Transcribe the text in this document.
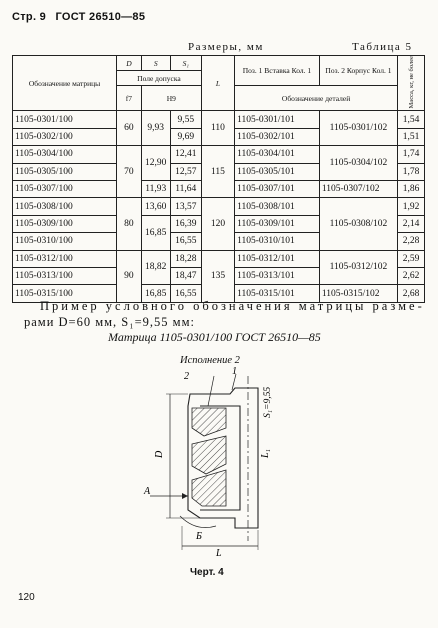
Стр. 9 ГОСТ 26510—85
Размеры, мм	Таблица 5
Обозначение матрицы	D	S	S₁	L	Поз. 1 Вставка Кол. 1	Поз. 2 Корпус Кол. 1	Масса, кг, не более
	Поле допуска						
	f7	H9			Обозначение деталей		
1105-0301/100	60	9,93	9,55	110	1105-0301/101	1105-0301/102	1,54
1105-0302/100			9,69		1105-0302/101		1,51
1105-0304/100	70	12,90	12,41	115	1105-0304/101	1105-0304/102	1,74
1105-0305/100			12,57		1105-0305/101		1,78
1105-0307/100		11,93	11,64		1105-0307/101	1105-0307/102	1,86
1105-0308/100	80	13,60	13,57	120	1105-0308/101	1105-0308/102	1,92
1105-0309/100		16,85	16,39		1105-0309/101		2,14
1105-0310/100			16,55		1105-0310/101		2,28
1105-0312/100	90	18,82	18,28	135	1105-0312/101	1105-0312/102	2,59
1105-0313/100			18,47		1105-0313/101		2,62
1105-0315/100		16,85	16,55		1105-0315/101	1105-0315/102	2,68
Пример условного обозначения матрицы разме-
рами D=60 мм, S₁=9,55 мм:
Матрица 1105-0301/100 ГОСТ 26510—85
Исполнение 2
2	1
D	L₁
S₁=9,55
А
Б
L
Черт. 4
120
